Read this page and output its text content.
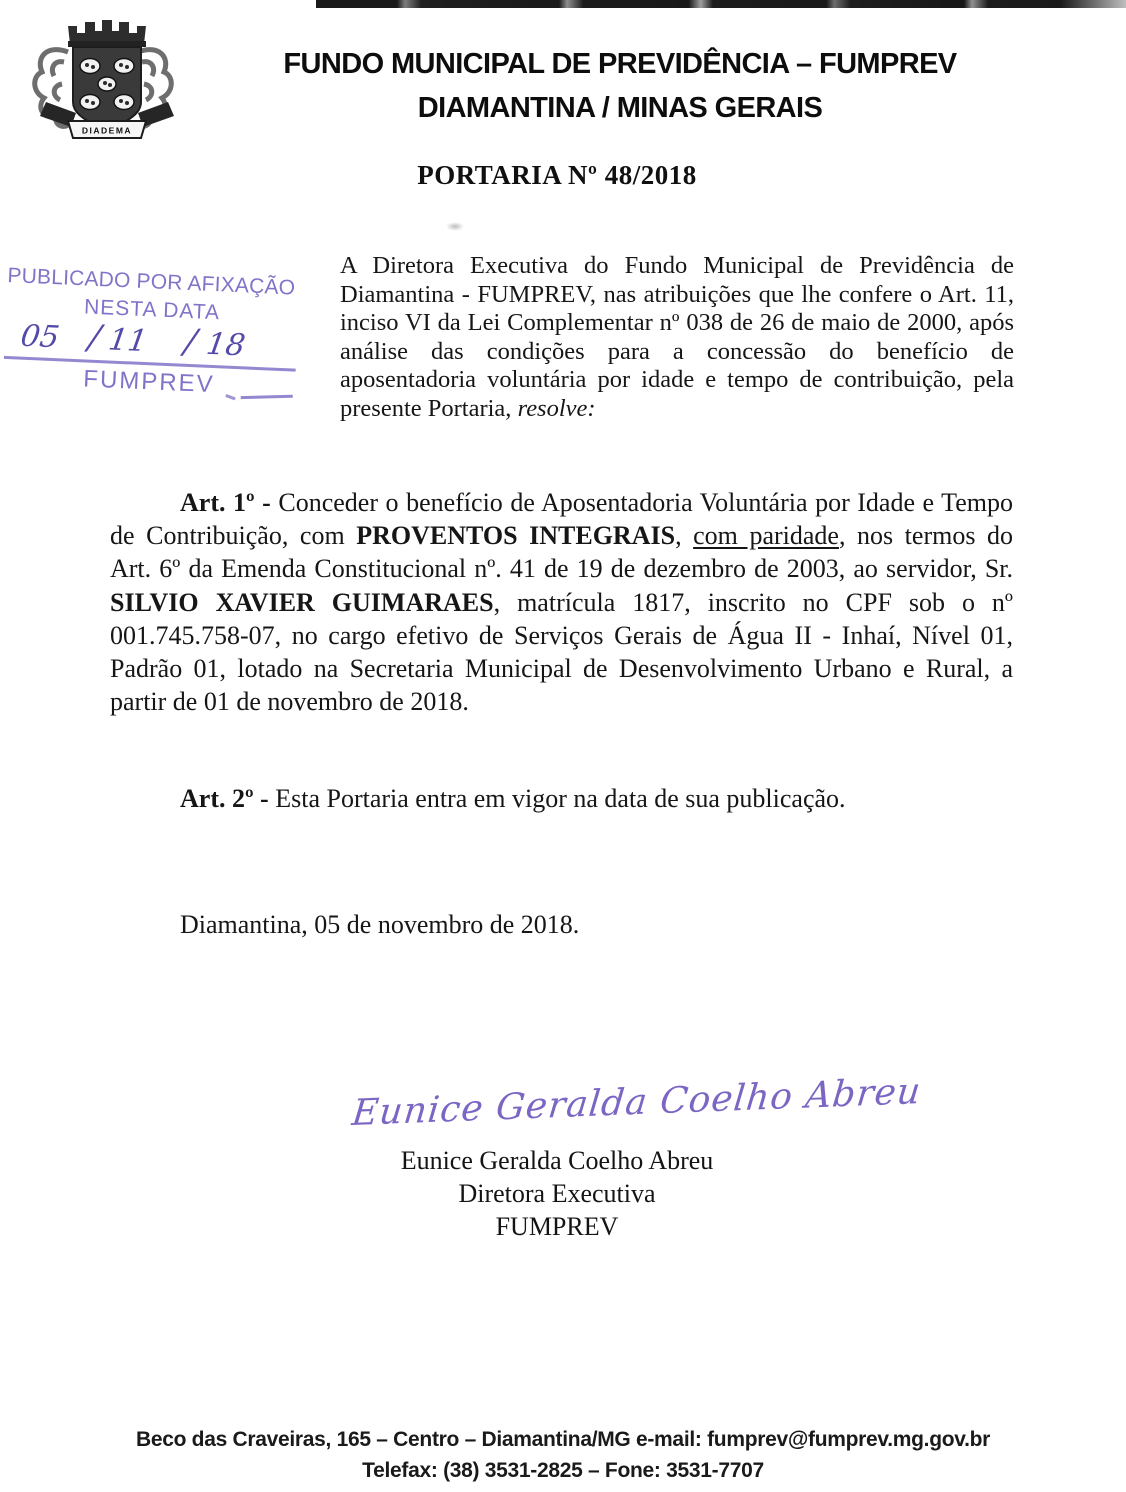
DIADEMA
FUNDO MUNICIPAL DE PREVIDÊNCIA – FUMPREV
DIAMANTINA / MINAS GERAIS
PORTARIA Nº 48/2018
PUBLICADO POR AFIXAÇÃO
NESTA DATA
05 / 11 / 18
FUMPREV
A Diretora Executiva do Fundo Municipal de Previdência de Diamantina - FUMPREV, nas atribuições que lhe confere o Art. 11, inciso VI da Lei Complementar nº 038 de 26 de maio de 2000, após análise das condições para a concessão do benefício de aposentadoria voluntária por idade e tempo de contribuição, pela presente Portaria, resolve:
Art. 1º - Conceder o benefício de Aposentadoria Voluntária por Idade e Tempo de Contribuição, com PROVENTOS INTEGRAIS, com paridade, nos termos do Art. 6º da Emenda Constitucional nº. 41 de 19 de dezembro de 2003, ao servidor, Sr. SILVIO XAVIER GUIMARAES, matrícula 1817, inscrito no CPF sob o nº 001.745.758-07, no cargo efetivo de Serviços Gerais de Água II - Inhaí, Nível 01, Padrão 01, lotado na Secretaria Municipal de Desenvolvimento Urbano e Rural, a partir de 01 de novembro de 2018.
Art. 2º - Esta Portaria entra em vigor na data de sua publicação.
Diamantina, 05 de novembro de 2018.
Eunice Geralda Coelho Abreu
Eunice Geralda Coelho Abreu
Diretora Executiva
FUMPREV
Beco das Craveiras, 165 – Centro – Diamantina/MG e-mail: fumprev@fumprev.mg.gov.br
Telefax: (38) 3531-2825 – Fone: 3531-7707
